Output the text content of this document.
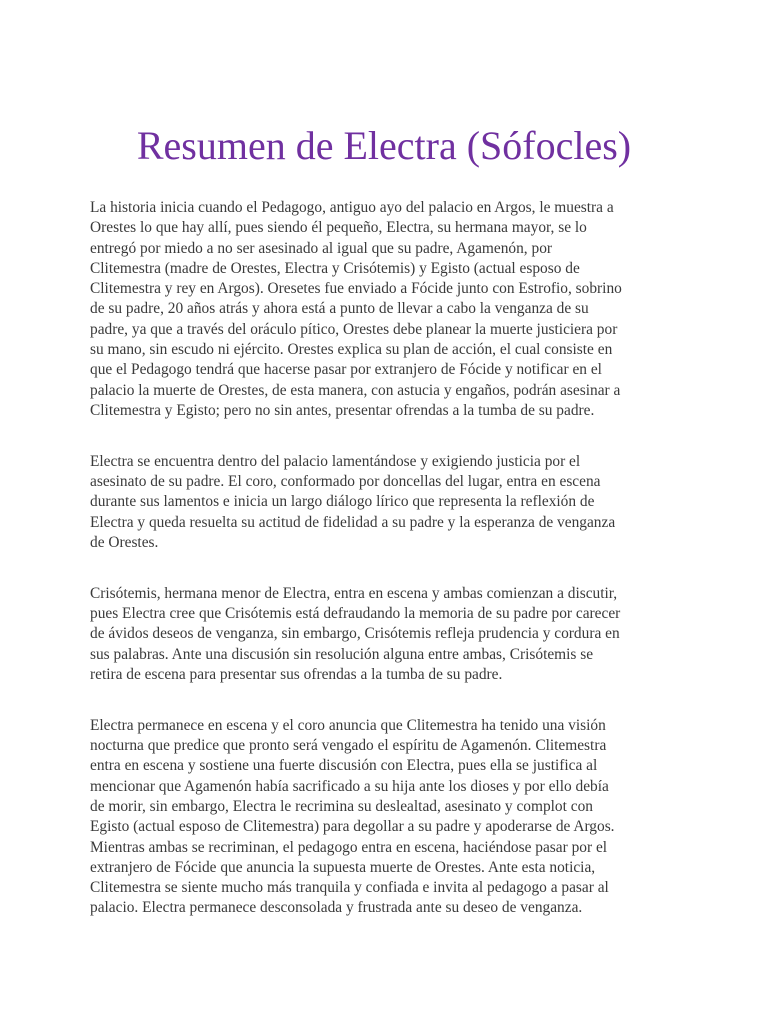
Resumen de Electra (Sófocles)

La historia inicia cuando el Pedagogo, antiguo ayo del palacio en Argos, le muestra a
Orestes lo que hay allí, pues siendo él pequeño, Electra, su hermana mayor, se lo
entregó por miedo a no ser asesinado al igual que su padre, Agamenón, por
Clitemestra (madre de Orestes, Electra y Crisótemis) y Egisto (actual esposo de
Clitemestra y rey en Argos). Oresetes fue enviado a Fócide junto con Estrofio, sobrino
de su padre, 20 años atrás y ahora está a punto de llevar a cabo la venganza de su
padre, ya que a través del oráculo pítico, Orestes debe planear la muerte justiciera por
su mano, sin escudo ni ejército. Orestes explica su plan de acción, el cual consiste en
que el Pedagogo tendrá que hacerse pasar por extranjero de Fócide y notificar en el
palacio la muerte de Orestes, de esta manera, con astucia y engaños, podrán asesinar a
Clitemestra y Egisto; pero no sin antes, presentar ofrendas a la tumba de su padre.

Electra se encuentra dentro del palacio lamentándose y exigiendo justicia por el
asesinato de su padre. El coro, conformado por doncellas del lugar, entra en escena
durante sus lamentos e inicia un largo diálogo lírico que representa la reflexión de
Electra y queda resuelta su actitud de fidelidad a su padre y la esperanza de venganza
de Orestes.

Crisótemis, hermana menor de Electra, entra en escena y ambas comienzan a discutir,
pues Electra cree que Crisótemis está defraudando la memoria de su padre por carecer
de ávidos deseos de venganza, sin embargo, Crisótemis refleja prudencia y cordura en
sus palabras. Ante una discusión sin resolución alguna entre ambas, Crisótemis se
retira de escena para presentar sus ofrendas a la tumba de su padre.

Electra permanece en escena y el coro anuncia que Clitemestra ha tenido una visión
nocturna que predice que pronto será vengado el espíritu de Agamenón. Clitemestra
entra en escena y sostiene una fuerte discusión con Electra, pues ella se justifica al
mencionar que Agamenón había sacrificado a su hija ante los dioses y por ello debía
de morir, sin embargo, Electra le recrimina su deslealtad, asesinato y complot con
Egisto (actual esposo de Clitemestra) para degollar a su padre y apoderarse de Argos.
Mientras ambas se recriminan, el pedagogo entra en escena, haciéndose pasar por el
extranjero de Fócide que anuncia la supuesta muerte de Orestes. Ante esta noticia,
Clitemestra se siente mucho más tranquila y confiada e invita al pedagogo a pasar al
palacio. Electra permanece desconsolada y frustrada ante su deseo de venganza.
